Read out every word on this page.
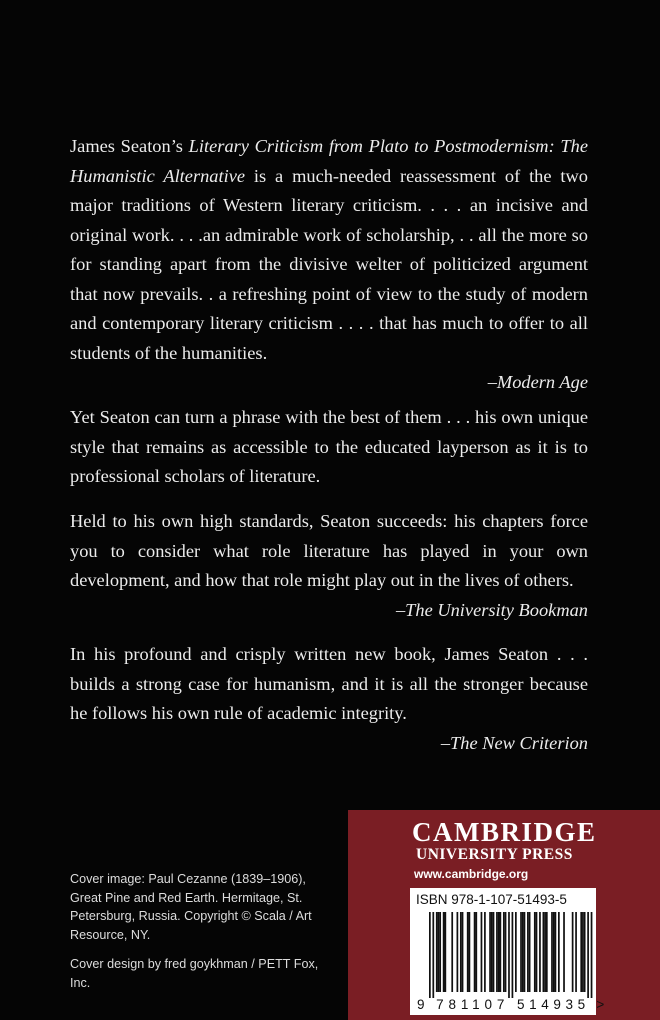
James Seaton’s Literary Criticism from Plato to Postmodernism: The Humanistic Alternative is a much-needed reassessment of the two major traditions of Western literary criticism. . . . an incisive and original work. . . .an admirable work of scholarship, . . all the more so for standing apart from the divisive welter of politicized argument that now prevails. . a refreshing point of view to the study of modern and contemporary literary criticism . . . . that has much to offer to all students of the humanities.

–Modern Age

Yet Seaton can turn a phrase with the best of them . . . his own unique style that remains as accessible to the educated layperson as it is to professional scholars of literature.

Held to his own high standards, Seaton succeeds: his chapters force you to consider what role literature has played in your own development, and how that role might play out in the lives of others.

–The University Bookman

In his profound and crisply written new book, James Seaton . . . builds a strong case for humanism, and it is all the stronger because he follows his own rule of academic integrity.

–The New Criterion

Cover image: Paul Cezanne (1839–1906), Great Pine and Red Earth. Hermitage, St. Petersburg, Russia. Copyright © Scala / Art Resource, NY.

Cover design by fred goykhman / PETT Fox, Inc.

CAMBRIDGE

UNIVERSITY PRESS

www.cambridge.org

ISBN 978-1-107-51493-5

9 781107 514935 >
